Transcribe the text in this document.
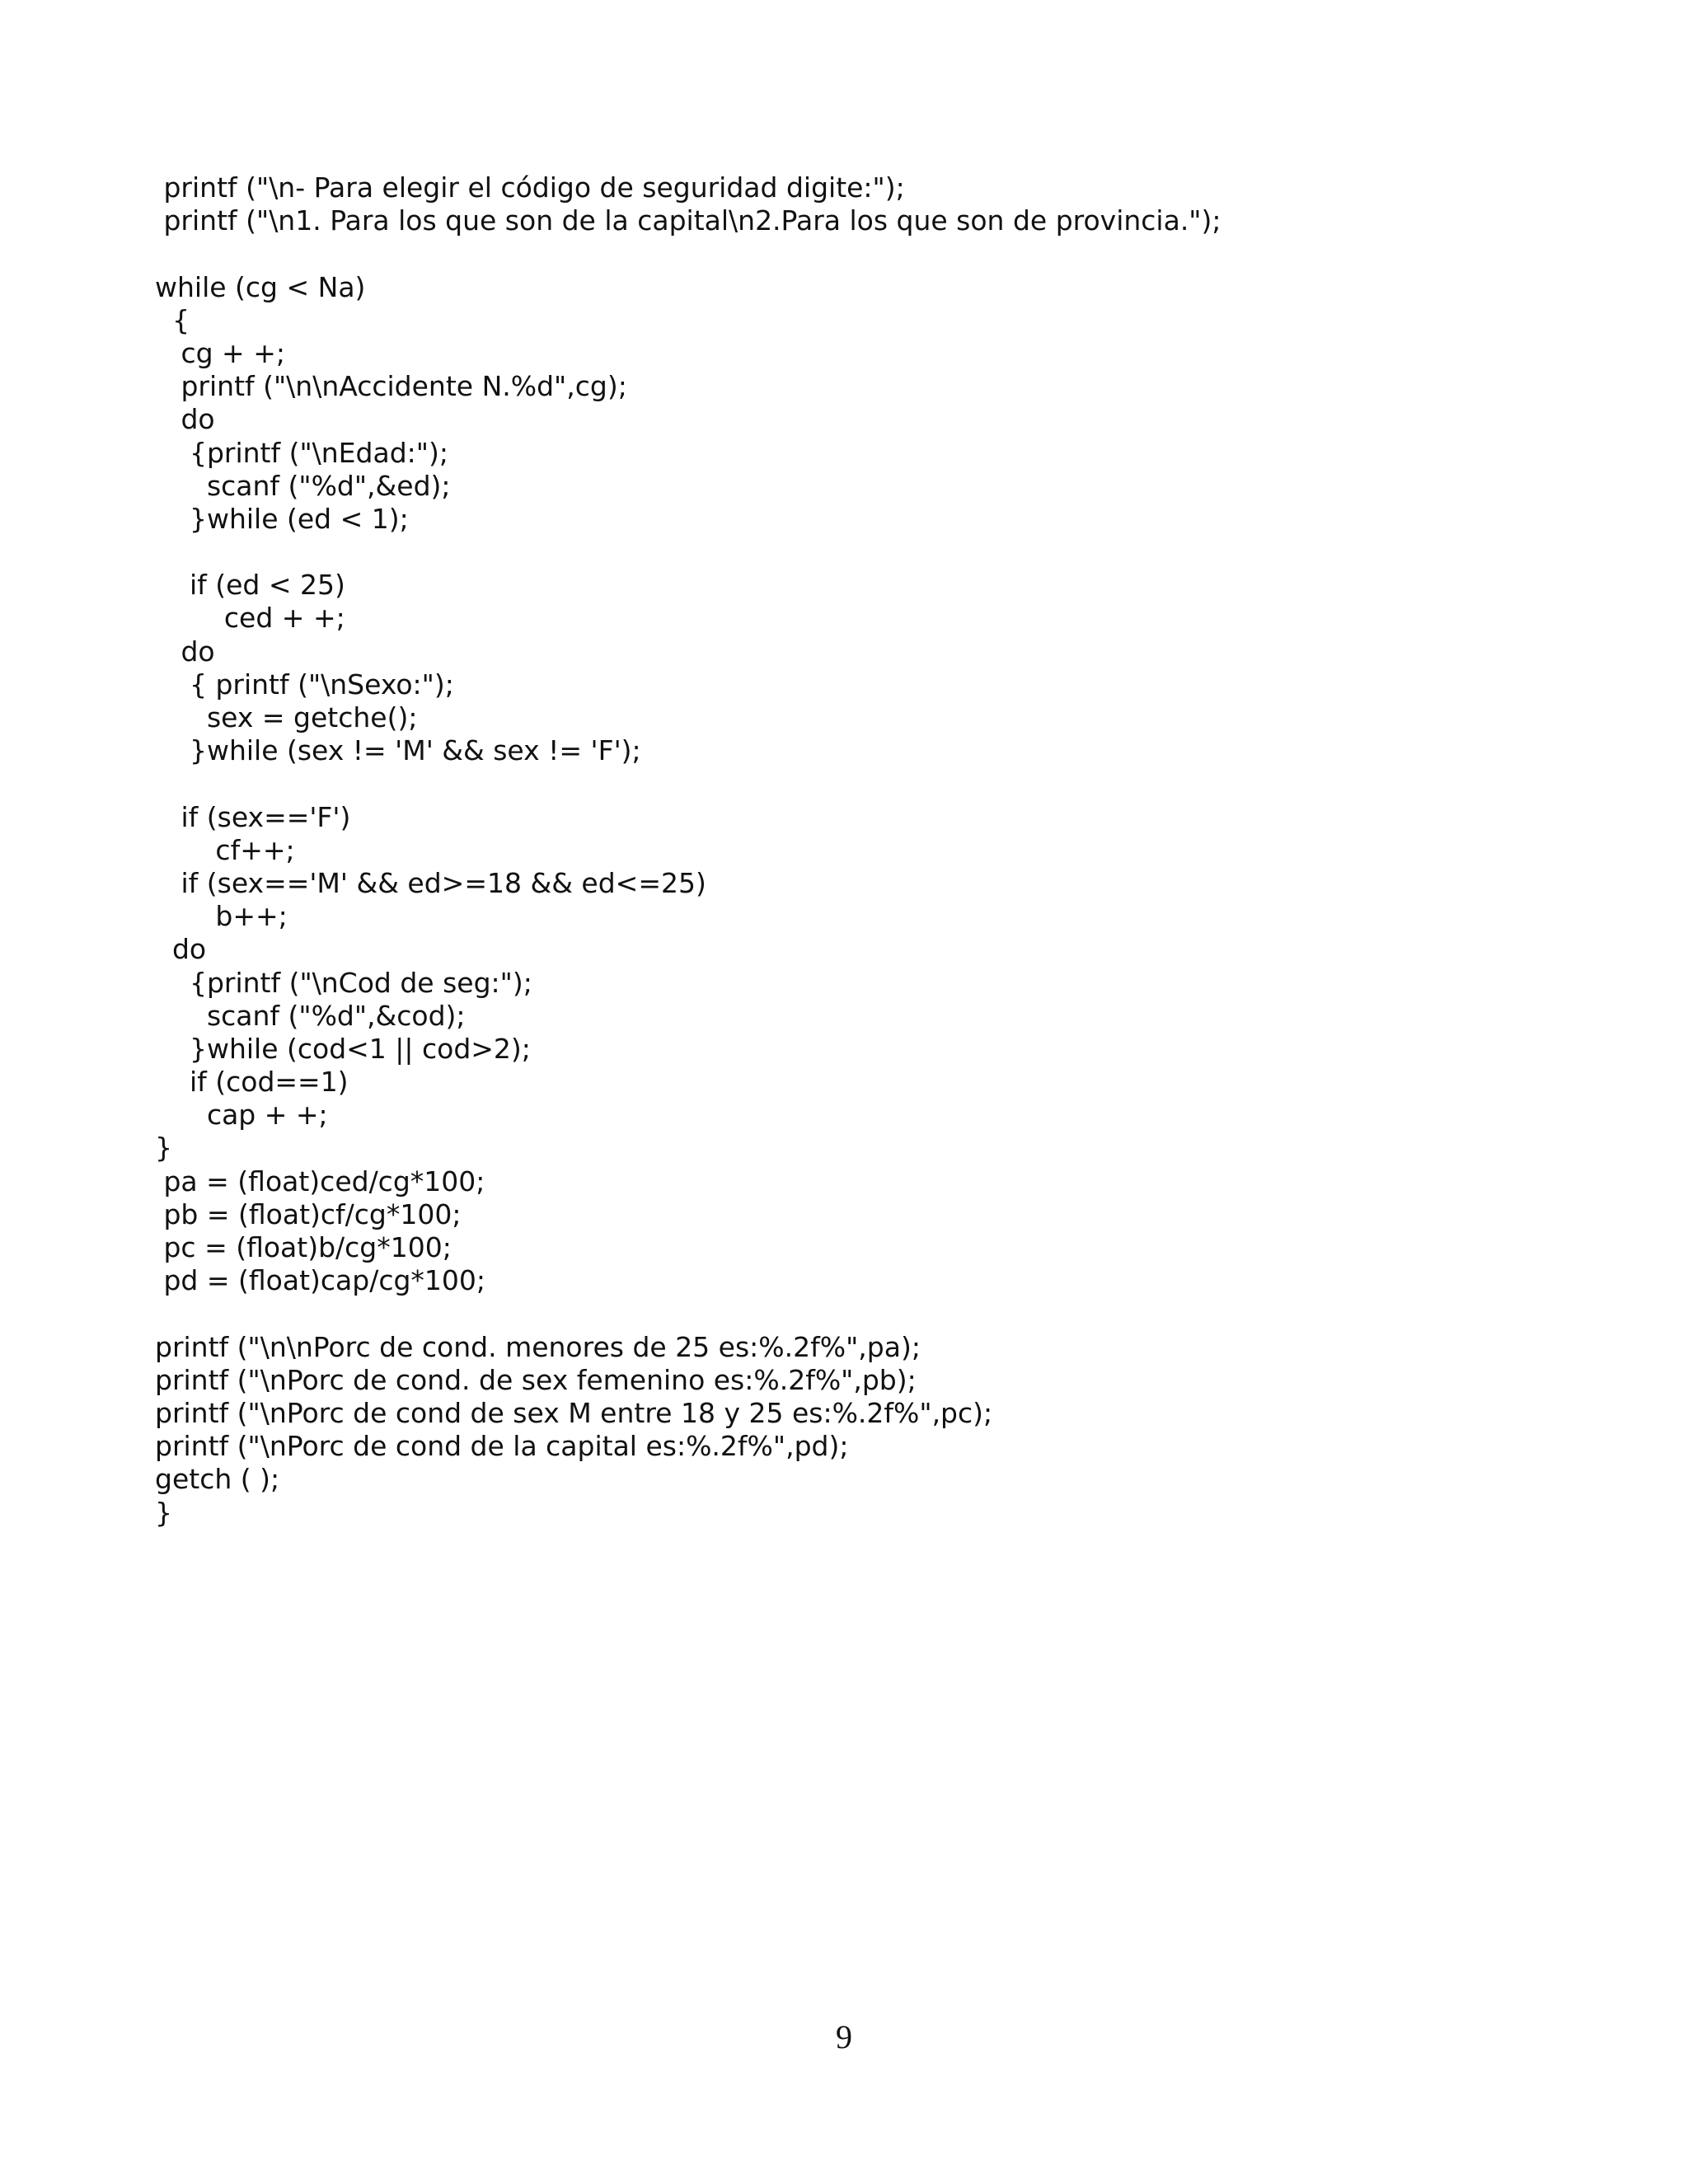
printf ("\n- Para elegir el código de seguridad digite:");
printf ("\n1. Para los que son de la capital\n2.Para los que son de provincia.");
while (cg < Na)
{
cg + +;
printf ("\n\nAccidente N.%d",cg);
do
{printf ("\nEdad:");
scanf ("%d",&ed);
}while (ed < 1);
if (ed < 25)
ced + +;
do
{ printf ("\nSexo:");
sex = getche();
}while (sex != 'M' && sex != 'F');
if (sex=='F')
cf++;
if (sex=='M' && ed>=18 && ed<=25)
b++;
do
{printf ("\nCod de seg:");
scanf ("%d",&cod);
}while (cod<1 || cod>2);
if (cod==1)
cap + +;
}
pa = (float)ced/cg*100;
pb = (float)cf/cg*100;
pc = (float)b/cg*100;
pd = (float)cap/cg*100;
printf ("\n\nPorc de cond. menores de 25 es:%.2f%",pa);
printf ("\nPorc de cond. de sex femenino es:%.2f%",pb);
printf ("\nPorc de cond de sex M entre 18 y 25 es:%.2f%",pc);
printf ("\nPorc de cond de la capital es:%.2f%",pd);
getch ( );
}
9
